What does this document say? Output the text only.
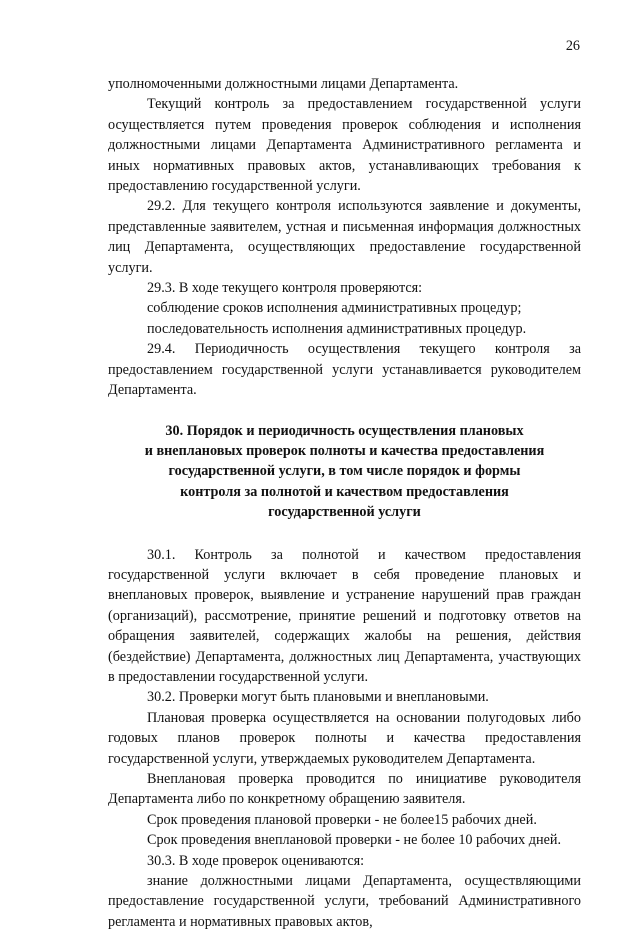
26

уполномоченными должностными лицами Департамента.

Текущий контроль за предоставлением государственной услуги осуществляется путем проведения проверок соблюдения и исполнения должностными лицами Департамента Административного регламента и иных нормативных правовых актов, устанавливающих требования к предоставлению государственной услуги.

29.2. Для текущего контроля используются заявление и документы, представленные заявителем, устная и письменная информация должностных лиц Департамента, осуществляющих предоставление государственной услуги.

29.3. В ходе текущего контроля проверяются:

соблюдение сроков исполнения административных процедур;

последовательность исполнения административных процедур.

29.4. Периодичность осуществления текущего контроля за предоставлением государственной услуги устанавливается руководителем Департамента.

30. Порядок и периодичность осуществления плановых
и внеплановых проверок полноты и качества предоставления
государственной услуги, в том числе порядок и формы
контроля за полнотой и качеством предоставления
государственной услуги

30.1. Контроль за полнотой и качеством предоставления государственной услуги включает в себя проведение плановых и внеплановых проверок, выявление и устранение нарушений прав граждан (организаций), рассмотрение, принятие решений и подготовку ответов на обращения заявителей, содержащих жалобы на решения, действия (бездействие) Департамента, должностных лиц Департамента, участвующих в предоставлении государственной услуги.

30.2. Проверки могут быть плановыми и внеплановыми.

Плановая проверка осуществляется на основании полугодовых либо годовых планов проверок полноты и качества предоставления государственной услуги, утверждаемых руководителем Департамента.

Внеплановая проверка проводится по инициативе руководителя Департамента либо по конкретному обращению заявителя.

Срок проведения плановой проверки - не более15 рабочих дней.

Срок проведения внеплановой проверки - не более 10 рабочих дней.

30.3. В ходе проверок оцениваются:

знание должностными лицами Департамента, осуществляющими предоставление государственной услуги, требований Административного регламента и нормативных правовых актов,
